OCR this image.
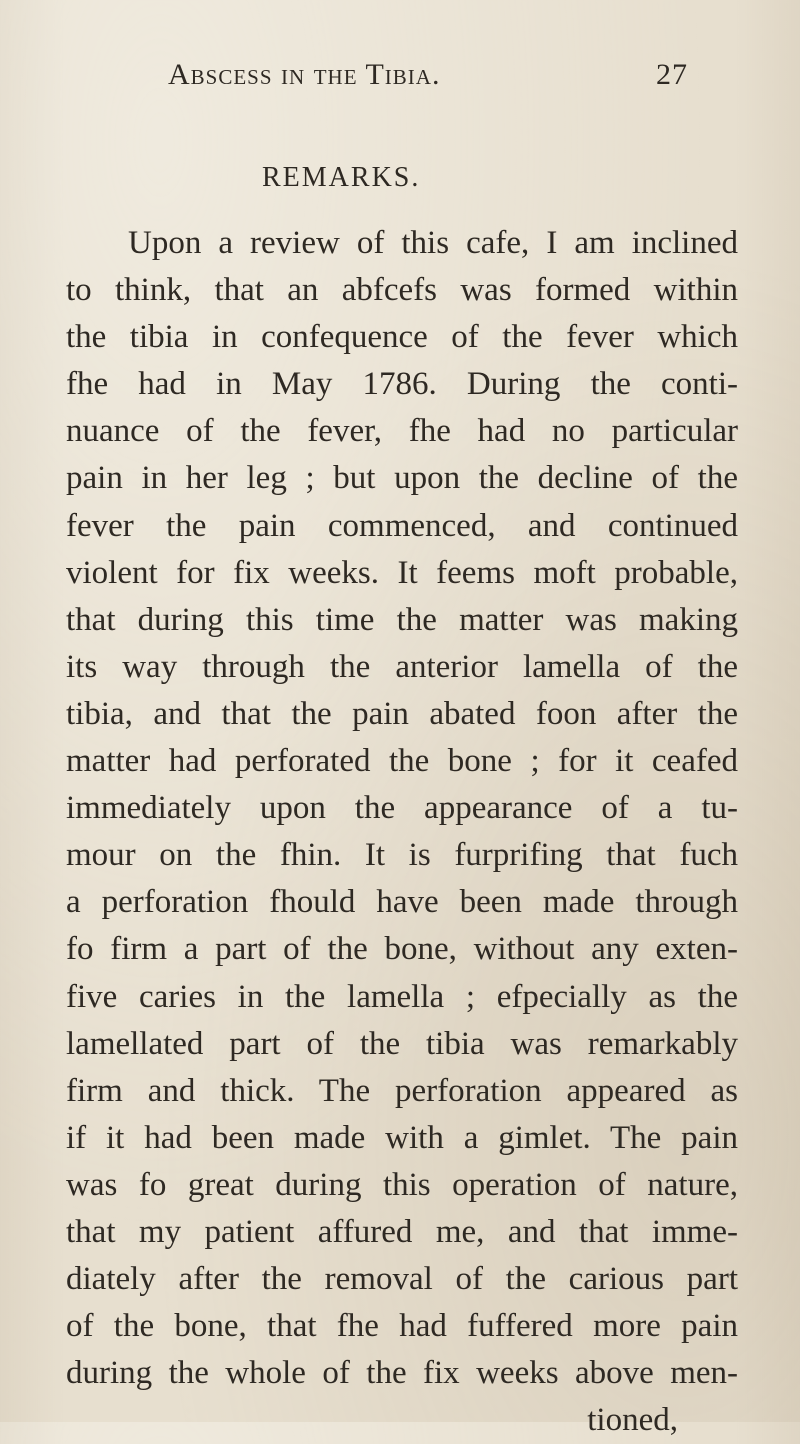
Abscess in the Tibia.	27
REMARKS.
Upon a review of this cafe, I am inclined
to think, that an abfcefs was formed within
the tibia in confequence of the fever which
fhe had in May 1786. During the conti-
nuance of the fever, fhe had no particular
pain in her leg ; but upon the decline of the
fever the pain commenced, and continued
violent for fix weeks. It feems moft probable,
that during this time the matter was making
its way through the anterior lamella of the
tibia, and that the pain abated foon after the
matter had perforated the bone ; for it ceafed
immediately upon the appearance of a tu-
mour on the fhin. It is furprifing that fuch
a perforation fhould have been made through
fo firm a part of the bone, without any exten-
five caries in the lamella ; efpecially as the
lamellated part of the tibia was remarkably
firm and thick. The perforation appeared as
if it had been made with a gimlet. The pain
was fo great during this operation of nature,
that my patient affured me, and that imme-
diately after the removal of the carious part
of the bone, that fhe had fuffered more pain
during the whole of the fix weeks above men-
tioned,
